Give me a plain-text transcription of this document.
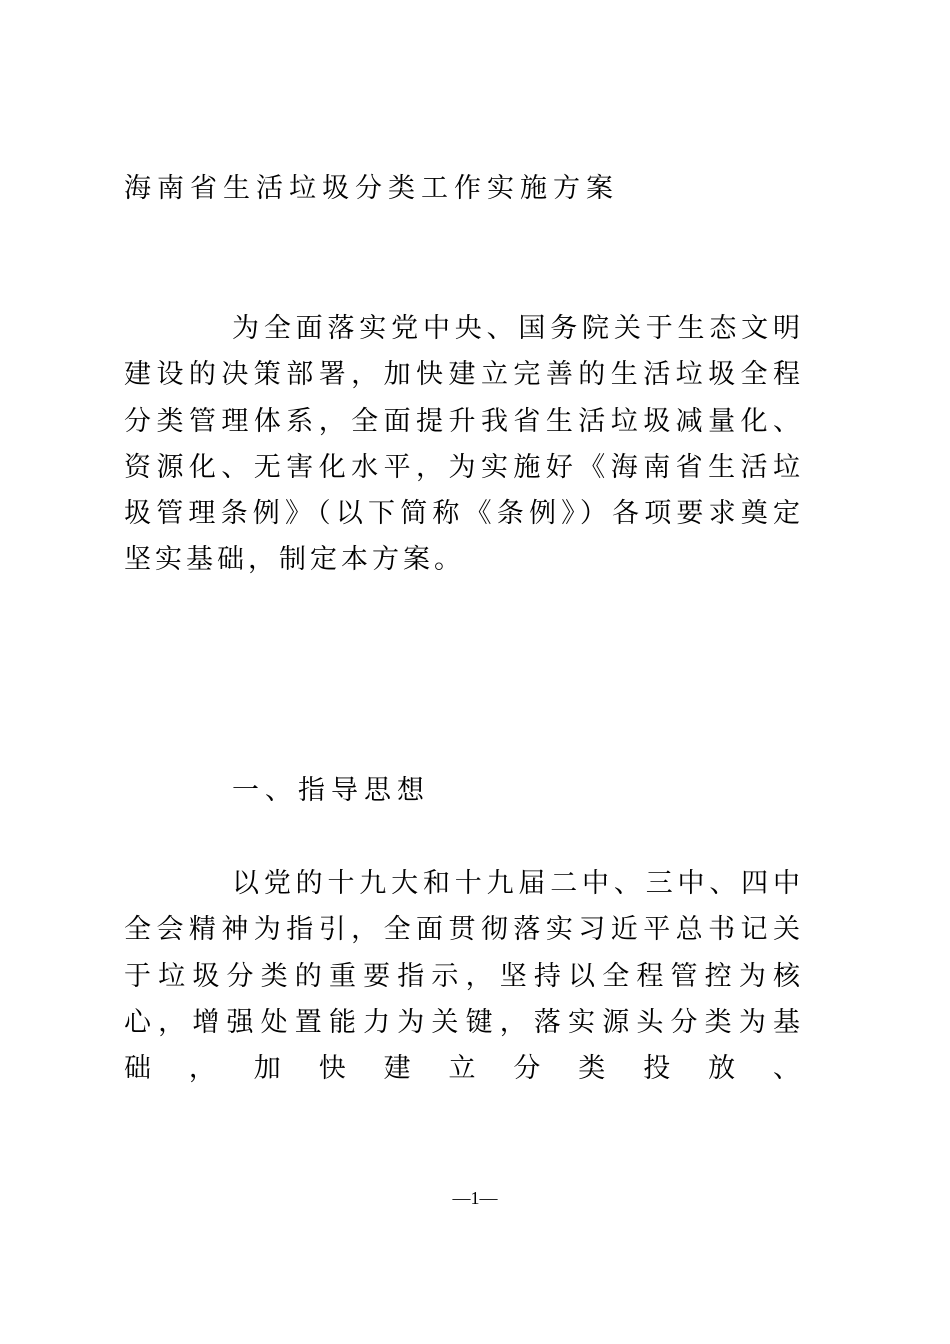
海南省生活垃圾分类工作实施方案

为全面落实党中央、国务院关于生态文明建设的决策部署，加快建立完善的生活垃圾全程分类管理体系，全面提升我省生活垃圾减量化、资源化、无害化水平，为实施好《海南省生活垃圾管理条例》（以下简称《条例》）各项要求奠定坚实基础，制定本方案。

一、指导思想

以党的十九大和十九届二中、三中、四中全会精神为指引，全面贯彻落实习近平总书记关于垃圾分类的重要指示，坚持以全程管控为核心，增强处置能力为关键，落实源头分类为基础，加快建立分类投放、

—1—
